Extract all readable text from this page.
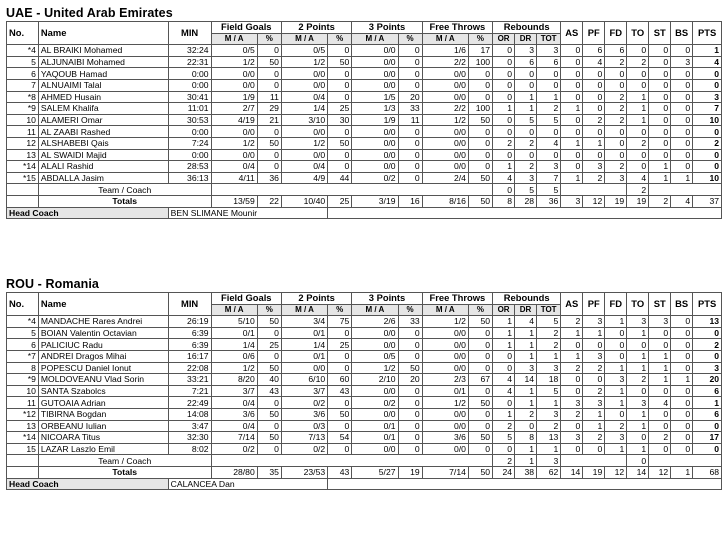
UAE - United Arab Emirates
No.	Name	MIN	Field Goals		2 Points		3 Points		Free Throws		Rebounds			AS	PF	FD	TO	ST	BS	PTS
			M / A	%	M / A	%	M / A	%	M / A	%	OR	DR	TOT							
*4	AL BRAIKI Mohamed	32:24	0/5	0	0/5	0	0/0	0	1/6	17	0	3	3	0	6	6	0	0	0	1
5	ALJUNAIBI Mohamed	22:31	1/2	50	1/2	50	0/0	0	2/2	100	0	6	6	0	4	2	2	0	3	4
6	YAQOUB Hamad	0:00	0/0	0	0/0	0	0/0	0	0/0	0	0	0	0	0	0	0	0	0	0	0
7	ALNUAIMI Talal	0:00	0/0	0	0/0	0	0/0	0	0/0	0	0	0	0	0	0	0	0	0	0	0
*8	AHMED Husain	30:41	1/9	11	0/4	0	1/5	20	0/0	0	0	1	1	0	0	2	1	0	0	3
*9	SALEM Khalifa	11:01	2/7	29	1/4	25	1/3	33	2/2	100	1	1	2	1	0	2	1	0	0	7
10	ALAMERI Omar	30:53	4/19	21	3/10	30	1/9	11	1/2	50	0	5	5	0	2	2	1	0	0	10
11	AL ZAABI Rashed	0:00	0/0	0	0/0	0	0/0	0	0/0	0	0	0	0	0	0	0	0	0	0	0
12	ALSHABEBI Qais	7:24	1/2	50	1/2	50	0/0	0	0/0	0	2	2	4	1	1	0	2	0	0	2
13	AL SWAIDI Majid	0:00	0/0	0	0/0	0	0/0	0	0/0	0	0	0	0	0	0	0	0	0	0	0
*14	ALALI Rashid	28:53	0/4	0	0/4	0	0/0	0	0/0	0	1	2	3	0	3	2	0	1	0	0
*15	ABDALLA Jasim	36:13	4/11	36	4/9	44	0/2	0	2/4	50	4	3	7	1	2	3	4	1	1	10
	Team / Coach										0	5	5				2			
	Totals		13/59	22	10/40	25	3/19	16	8/16	50	8	28	36	3	12	19	19	2	4	37
Head Coach		BEN SLIMANE Mounir																		
ROU - Romania
No.	Name	MIN	Field Goals		2 Points		3 Points		Free Throws		Rebounds			AS	PF	FD	TO	ST	BS	PTS
			M / A	%	M / A	%	M / A	%	M / A	%	OR	DR	TOT							
*4	MANDACHE Rares Andrei	26:19	5/10	50	3/4	75	2/6	33	1/2	50	1	4	5	2	3	1	3	3	0	13
5	BOIAN Valentin Octavian	6:39	0/1	0	0/1	0	0/0	0	0/0	0	1	1	2	1	1	0	1	0	0	0
6	PALICIUC Radu	6:39	1/4	25	1/4	25	0/0	0	0/0	0	1	1	2	0	0	0	0	0	0	2
*7	ANDREI Dragos Mihai	16:17	0/6	0	0/1	0	0/5	0	0/0	0	0	1	1	1	3	0	1	1	0	0
8	POPESCU Daniel Ionut	22:08	1/2	50	0/0	0	1/2	50	0/0	0	0	3	3	2	2	1	1	1	0	3
*9	MOLDOVEANU Vlad Sorin	33:21	8/20	40	6/10	60	2/10	20	2/3	67	4	14	18	0	0	3	2	1	1	20
10	SANTA Szabolcs	7:21	3/7	43	3/7	43	0/0	0	0/1	0	4	1	5	0	2	1	0	0	0	6
11	GUTOAIA Adrian	22:49	0/4	0	0/2	0	0/2	0	1/2	50	0	1	1	3	3	1	3	4	0	1
*12	TIBIRNA Bogdan	14:08	3/6	50	3/6	50	0/0	0	0/0	0	1	2	3	2	1	0	1	0	0	6
13	ORBEANU Iulian	3:47	0/4	0	0/3	0	0/1	0	0/0	0	2	0	2	0	1	2	1	0	0	0
*14	NICOARA Titus	32:30	7/14	50	7/13	54	0/1	0	3/6	50	5	8	13	3	2	3	0	2	0	17
15	LAZAR Laszlo Emil	8:02	0/2	0	0/2	0	0/0	0	0/0	0	0	1	1	0	0	1	1	0	0	0
	Team / Coach										2	1	3				0			
	Totals		28/80	35	23/53	43	5/27	19	7/14	50	24	38	62	14	19	12	14	12	1	68
Head Coach		CALANCEA Dan																		
